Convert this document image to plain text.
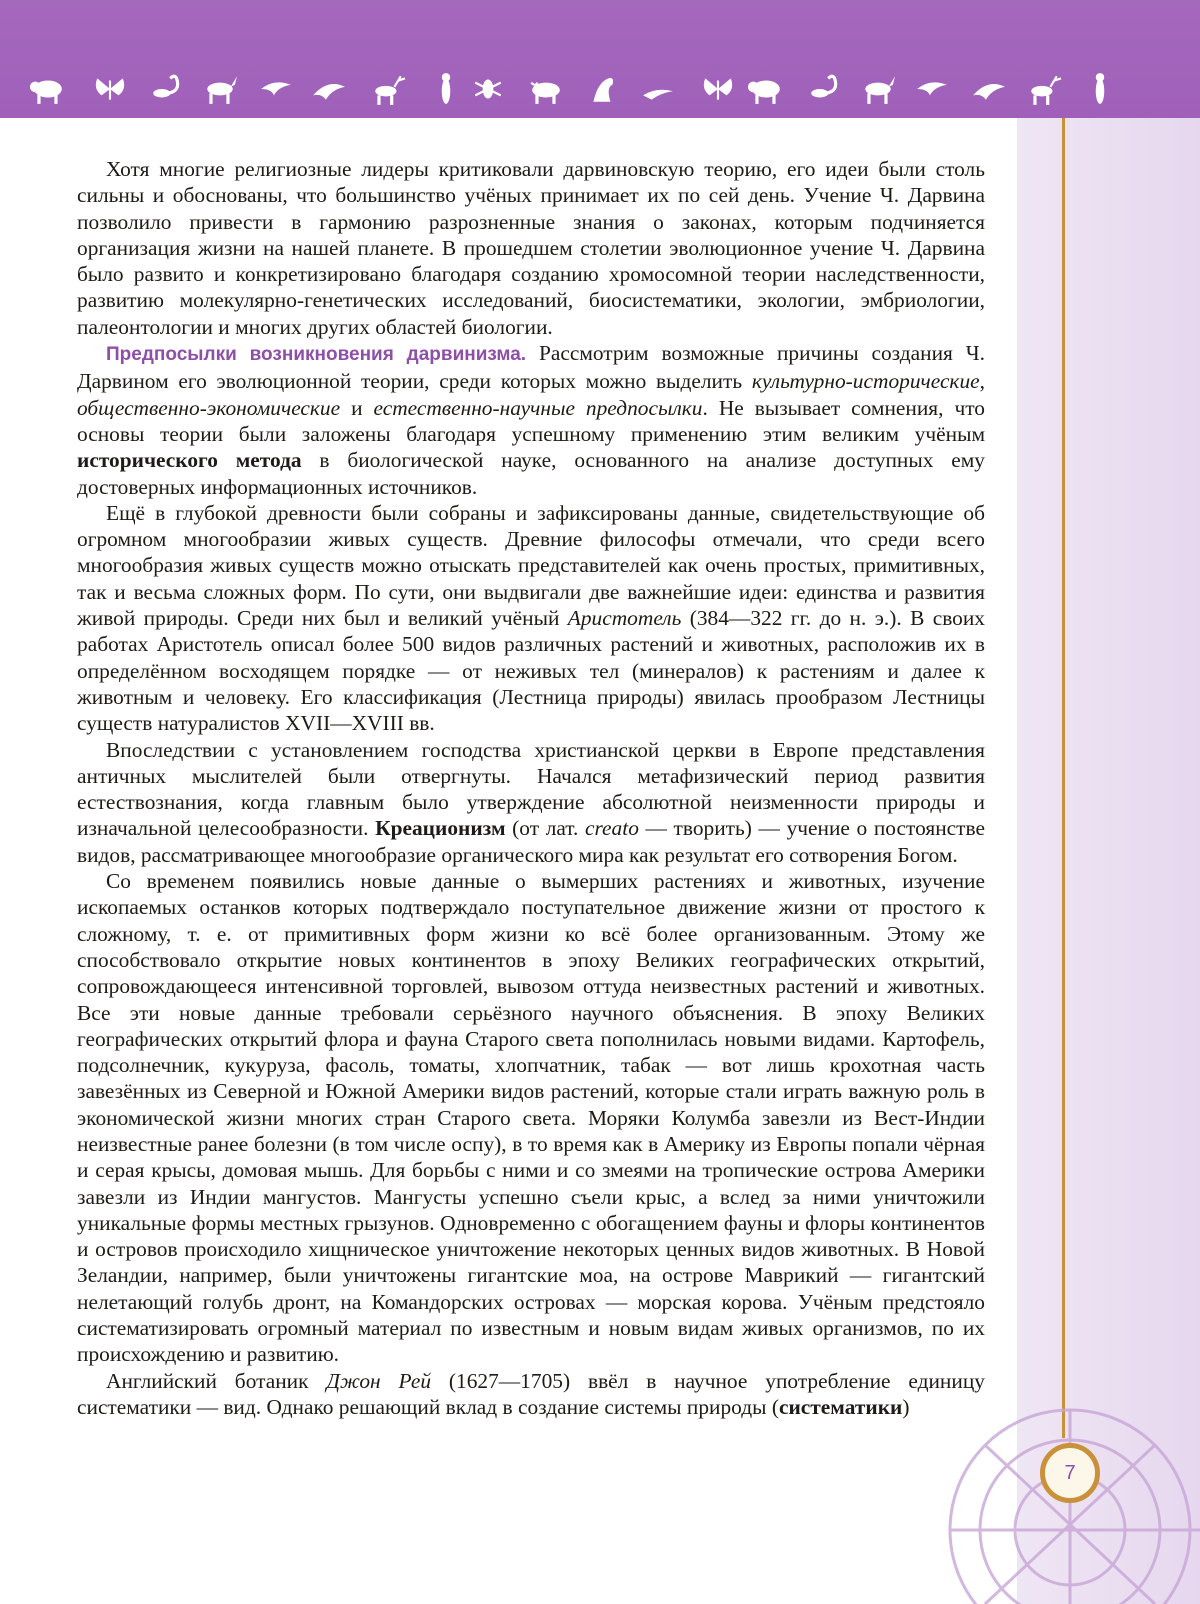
Хотя многие религиозные лидеры критиковали дарвиновскую теорию, его идеи были столь сильны и обоснованы, что большинство учёных принимает их по сей день. Учение Ч. Дарвина позволило привести в гармонию разрозненные знания о законах, которым подчиняется организация жизни на нашей планете. В прошедшем столетии эволюционное учение Ч. Дарвина было развито и конкретизировано благодаря созданию хромосомной теории наследственности, развитию молекулярно-генетических исследований, биосистематики, экологии, эмбриологии, палеонтологии и многих других областей биологии.

Предпосылки возникновения дарвинизма. Рассмотрим возможные причины создания Ч. Дарвином его эволюционной теории, среди которых можно выделить культурно-исторические, общественно-экономические и естественно-научные предпосылки. Не вызывает сомнения, что основы теории были заложены благодаря успешному применению этим великим учёным исторического метода в биологической науке, основанного на анализе доступных ему достоверных информационных источников.

Ещё в глубокой древности были собраны и зафиксированы данные, свидетельствующие об огромном многообразии живых существ. Древние философы отмечали, что среди всего многообразия живых существ можно отыскать представителей как очень простых, примитивных, так и весьма сложных форм. По сути, они выдвигали две важнейшие идеи: единства и развития живой природы. Среди них был и великий учёный Аристотель (384—322 гг. до н. э.). В своих работах Аристотель описал более 500 видов различных растений и животных, расположив их в определённом восходящем порядке — от неживых тел (минералов) к растениям и далее к животным и человеку. Его классификация (Лестница природы) явилась прообразом Лестницы существ натуралистов XVII—XVIII вв.

Впоследствии с установлением господства христианской церкви в Европе представления античных мыслителей были отвергнуты. Начался метафизический период развития естествознания, когда главным было утверждение абсолютной неизменности природы и изначальной целесообразности. Креационизм (от лат. creato — творить) — учение о постоянстве видов, рассматривающее многообразие органического мира как результат его сотворения Богом.

Со временем появились новые данные о вымерших растениях и животных, изучение ископаемых останков которых подтверждало поступательное движение жизни от простого к сложному, т. е. от примитивных форм жизни ко всё более организованным. Этому же способствовало открытие новых континентов в эпоху Великих географических открытий, сопровождающееся интенсивной торговлей, вывозом оттуда неизвестных растений и животных. Все эти новые данные требовали серьёзного научного объяснения. В эпоху Великих географических открытий флора и фауна Старого света пополнилась новыми видами. Картофель, подсолнечник, кукуруза, фасоль, томаты, хлопчатник, табак — вот лишь крохотная часть завезённых из Северной и Южной Америки видов растений, которые стали играть важную роль в экономической жизни многих стран Старого света. Моряки Колумба завезли из Вест-Индии неизвестные ранее болезни (в том числе оспу), в то время как в Америку из Европы попали чёрная и серая крысы, домовая мышь. Для борьбы с ними и со змеями на тропические острова Америки завезли из Индии мангустов. Мангусты успешно съели крыс, а вслед за ними уничтожили уникальные формы местных грызунов. Одновременно с обогащением фауны и флоры континентов и островов происходило хищническое уничтожение некоторых ценных видов животных. В Новой Зеландии, например, были уничтожены гигантские моа, на острове Маврикий — гигантский нелетающий голубь дронт, на Командорских островах — морская корова. Учёным предстояло систематизировать огромный материал по известным и новым видам живых организмов, по их происхождению и развитию.

Английский ботаник Джон Рей (1627—1705) ввёл в научное употребление единицу систематики — вид. Однако решающий вклад в создание системы природы (систематики)

7
